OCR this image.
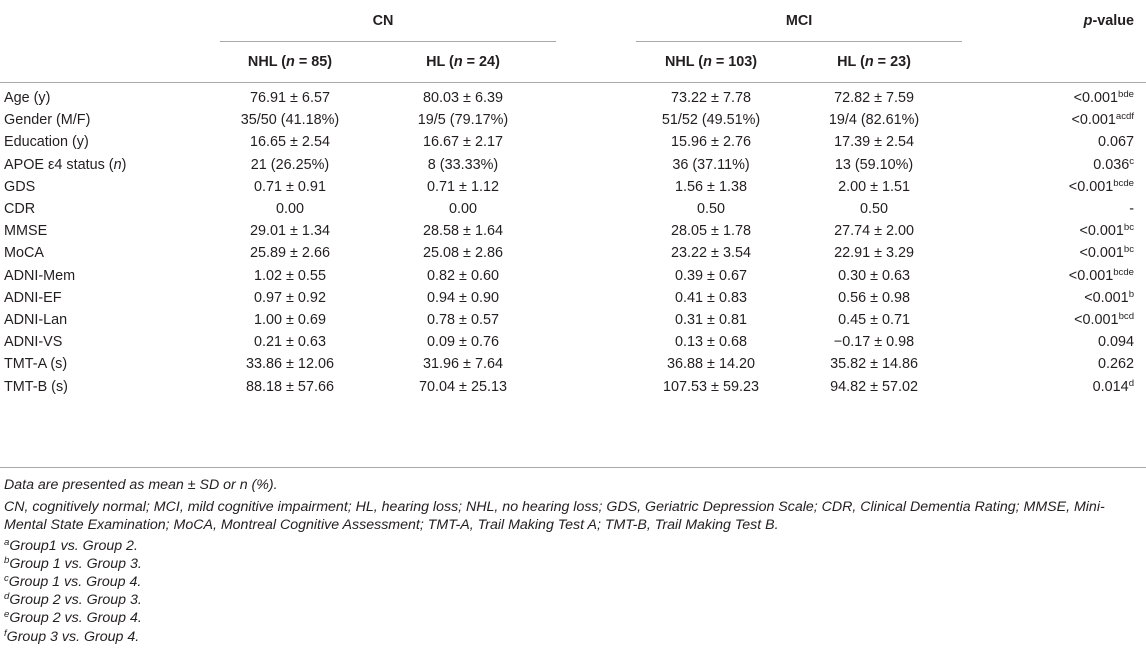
	CN			MCI		p-value
	NHL (n = 85)	HL (n = 24)		NHL (n = 103)	HL (n = 23)	
Age (y)	76.91 ± 6.57	80.03 ± 6.39		73.22 ± 7.78	72.82 ± 7.59	<0.001$^{bde}$
Gender (M/F)	35/50 (41.18%)	19/5 (79.17%)		51/52 (49.51%)	19/4 (82.61%)	$<0.001^{acdf}$
Education (y)	16.65 ± 2.54	16.67 ± 2.17		15.96 ± 2.76	17.39 ± 2.54	0.067
APOE ε4 status (n)	21 (26.25%)	8 (33.33%)		36 (37.11%)	13 (59.10%)	0.036$^c$
GDS	0.71 ± 0.91	0.71 ± 1.12		1.56 ± 1.38	2.00 ± 1.51	$<0.001^{bcde}$
CDR	0.00	0.00		0.50	0.50	-
MMSE	29.01 ± 1.34	28.58 ± 1.64		28.05 ± 1.78	27.74 ± 2.00	<0.001$^{bc}$
MoCA	25.89 ± 2.66	25.08 ± 2.86		23.22 ± 3.54	22.91 ± 3.29	<0.001$^{bc}$
ADNI-Mem	1.02 ± 0.55	0.82 ± 0.60		0.39 ± 0.67	0.30 ± 0.63	$<0.001^{bcde}$
ADNI-EF	0.97 ± 0.92	0.94 ± 0.90		0.41 ± 0.83	0.56 ± 0.98	<0.001$^b$
ADNI-Lan	1.00 ± 0.69	0.78 ± 0.57		0.31 ± 0.81	0.45 ± 0.71	<0.001$^{bcd}$
ADNI-VS	0.21 ± 0.63	0.09 ± 0.76		0.13 ± 0.68	−0.17 ± 0.98	0.094
TMT-A (s)	33.86 ± 12.06	31.96 ± 7.64		36.88 ± 14.20	35.82 ± 14.86	0.262
TMT-B (s)	88.18 ± 57.66	70.04 ± 25.13		107.53 ± 59.23	94.82 ± 57.02	0.014$^d$

Data are presented as mean ± SD or n (%).

CN, cognitively normal; MCI, mild cognitive impairment; HL, hearing loss; NHL, no hearing loss; GDS, Geriatric Depression Scale; CDR, Clinical Dementia Rating; MMSE, Mini-Mental State Examination; MoCA, Montreal Cognitive Assessment; TMT-A, Trail Making Test A; TMT-B, Trail Making Test B.

$^a$Group1 vs. Group 2.

$^b$Group 1 vs. Group 3.

$^c$Group 1 vs. Group 4.

$^d$Group 2 vs. Group 3.

$^e$Group 2 vs. Group 4.

$^f$Group 3 vs. Group 4.
